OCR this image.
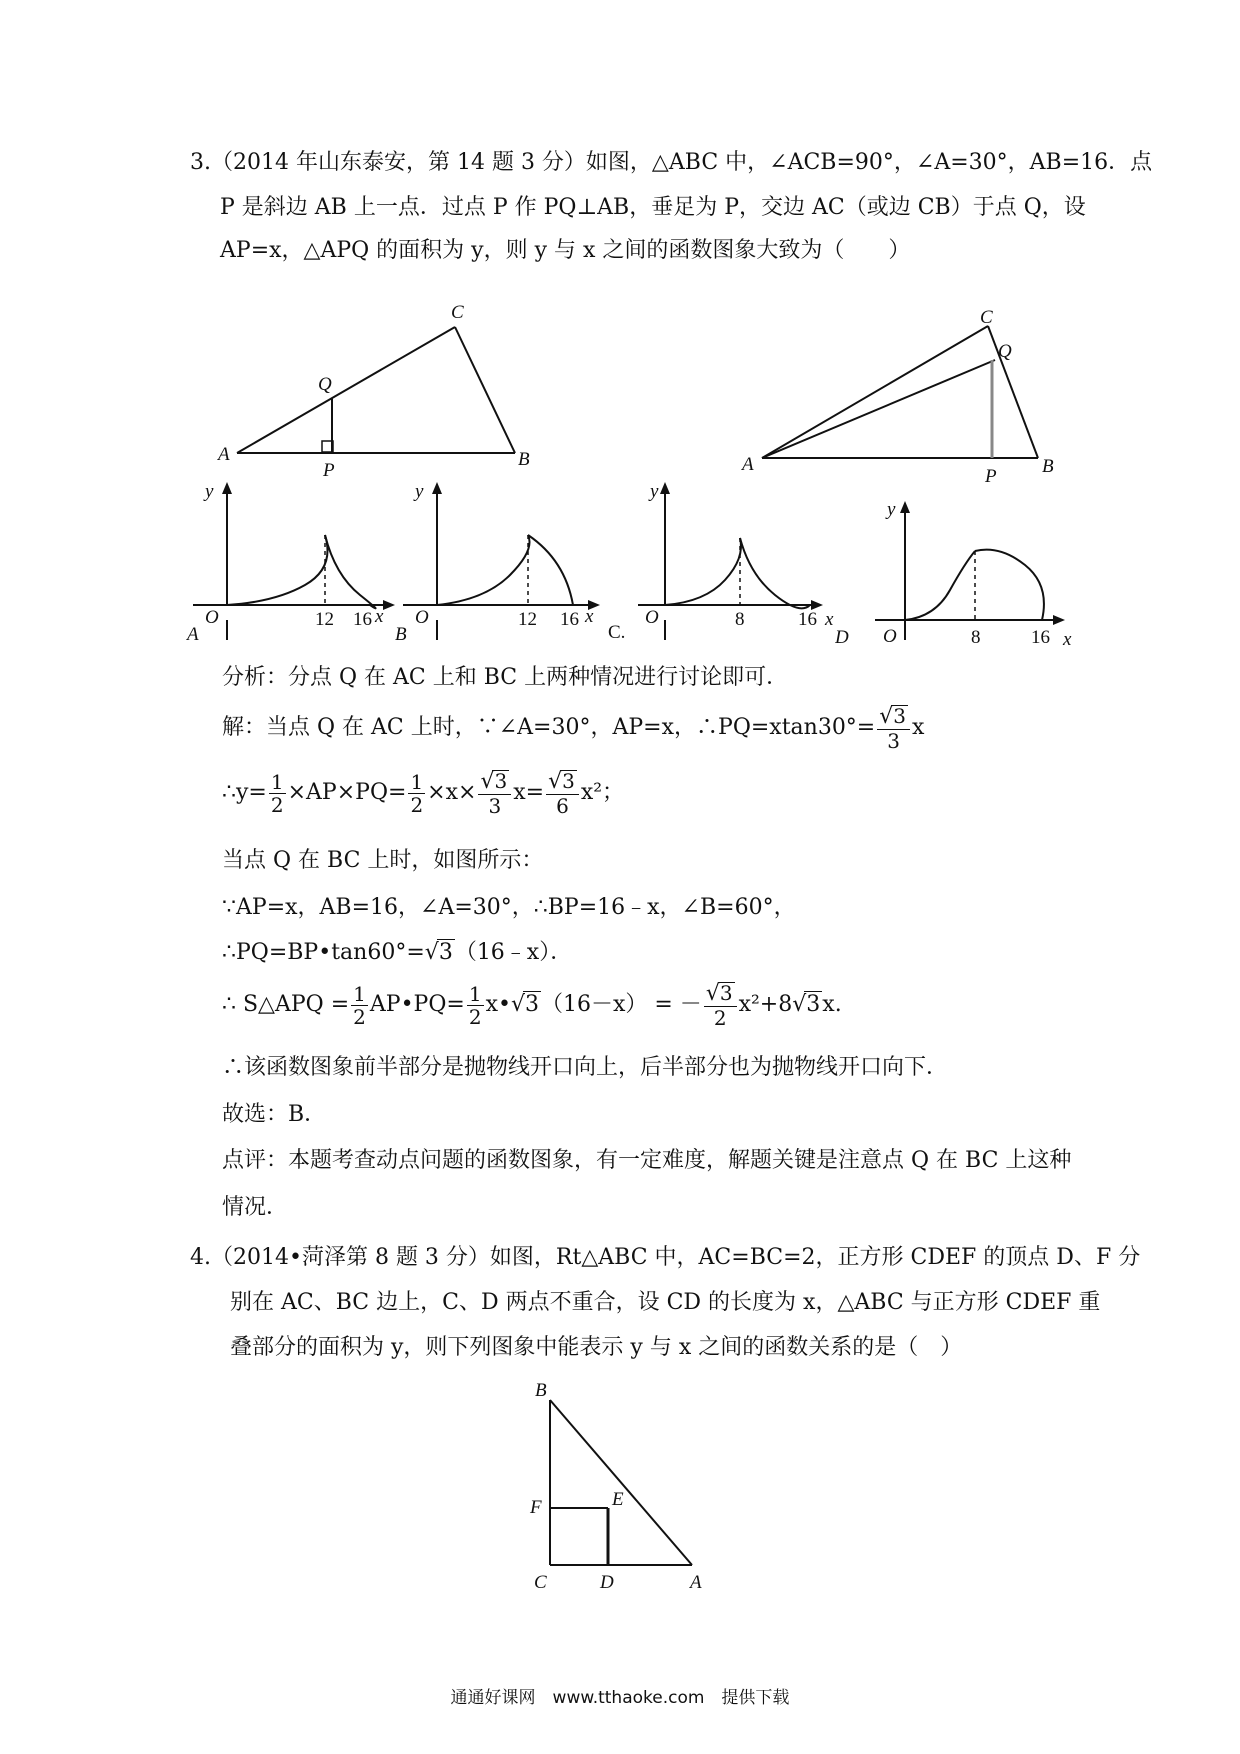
3.（2014 年山东泰安，第 14 题 3 分）如图，△ABC 中，∠ACB=90°，∠A=30°，AB=16．点
P 是斜边 AB 上一点．过点 P 作 PQ⊥AB，垂足为 P，交边 AC（或边 CB）于点 Q，设
AP=x，△APQ 的面积为 y，则 y 与 x 之间的函数图象大致为（　　）
A	B
C
P
Q
A	B
C
P
Q
y
x
O	12 16
A
y
x
O	12 16
B
y
x
O	8	16
C.
y
x
O	8	16
D
分析：分点 Q 在 AC 上和 BC 上两种情况进行讨论即可．
解：当点 Q 在 AC 上时，∵∠A=30°，AP=x，∴PQ=xtan30°= $\frac{√3}{3}$ x
∴y= $\frac{1}{2} \times AP\times PQ= \frac{1}{2} \times x\times \frac{√3}{3} x= \frac{√3}{6} x^2$；
当点 Q 在 BC 上时，如图所示：
∵AP=x，AB=16，∠A=30°，∴BP=16﹣x，∠B=60°，
∴PQ=BP•tan60°=√3（16﹣x）．
∴ S△APQ = $\frac{1}{2}$ AP•PQ= $\frac{1}{2}$ x•√3（16－x） = － $\frac{√3}{2} x^2+8√3x$.
∴该函数图象前半部分是抛物线开口向上，后半部分也为抛物线开口向下．
故选：B．
点评：本题考查动点问题的函数图象，有一定难度，解题关键是注意点 Q 在 BC 上这种
情况．
4.（2014•菏泽第 8 题 3 分）如图，Rt△ABC 中，AC=BC=2，正方形 CDEF 的顶点 D、F 分
别在 AC、BC 边上，C、D 两点不重合，设 CD 的长度为 x，△ABC 与正方形 CDEF 重
叠部分的面积为 y，则下列图象中能表示 y 与 x 之间的函数关系的是（　）
B
F	E
C	D	A
通通好课网　www.tthaoke.com　提供下载
